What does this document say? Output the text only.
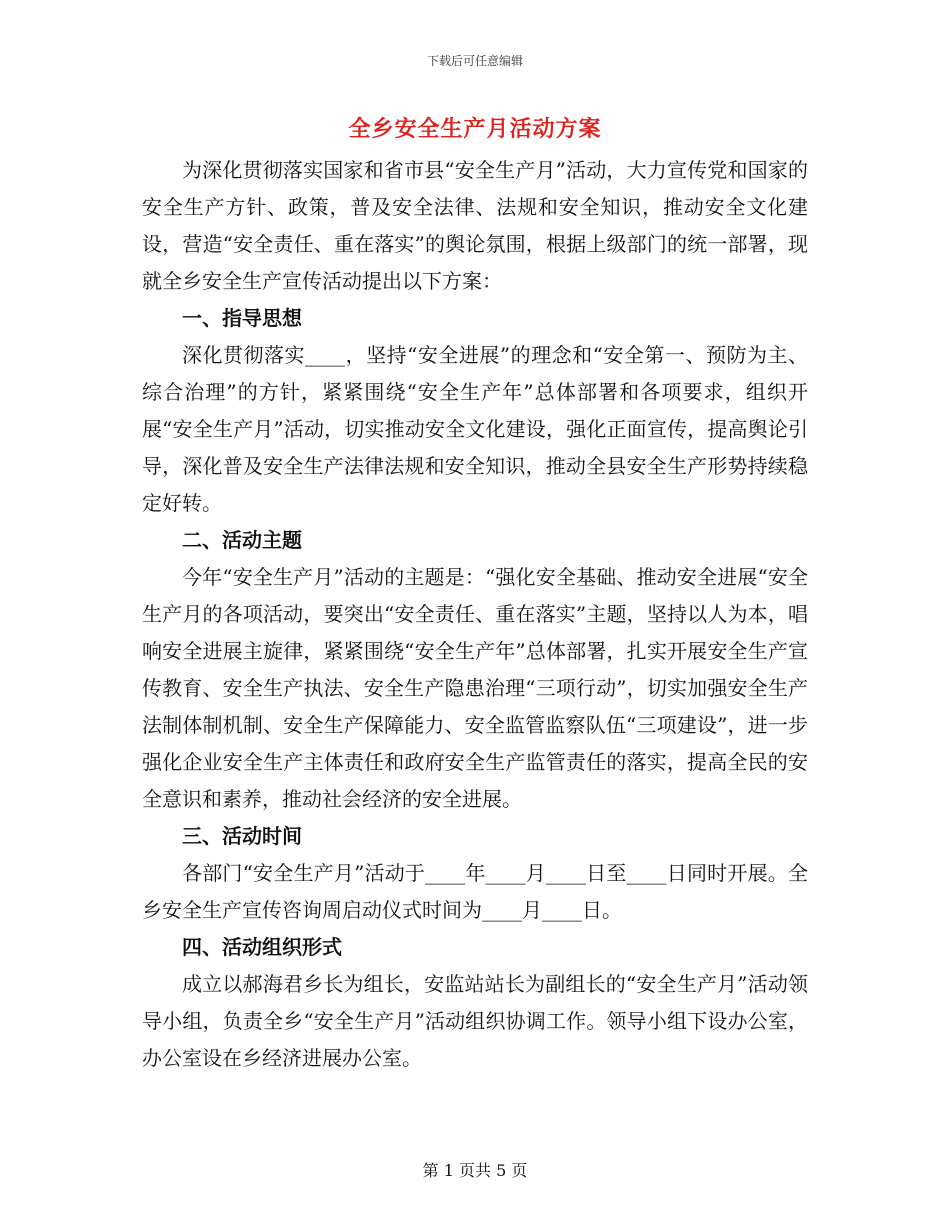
下载后可任意编辑
全乡安全生产月活动方案

为深化贯彻落实国家和省市县“安全生产月”活动，大力宣传党和国家的安全生产方针、政策，普及安全法律、法规和安全知识，推动安全文化建设，营造“安全责任、重在落实”的舆论氛围，根据上级部门的统一部署，现就全乡安全生产宣传活动提出以下方案：

一、指导思想

深化贯彻落实____，坚持“安全进展”的理念和“安全第一、预防为主、综合治理”的方针，紧紧围绕“安全生产年”总体部署和各项要求，组织开展“安全生产月”活动，切实推动安全文化建设，强化正面宣传，提高舆论引导，深化普及安全生产法律法规和安全知识，推动全县安全生产形势持续稳定好转。

二、活动主题

今年“安全生产月”活动的主题是：“强化安全基础、推动安全进展“安全生产月的各项活动，要突出“安全责任、重在落实”主题，坚持以人为本，唱响安全进展主旋律，紧紧围绕“安全生产年”总体部署，扎实开展安全生产宣传教育、安全生产执法、安全生产隐患治理“三项行动”，切实加强安全生产法制体制机制、安全生产保障能力、安全监管监察队伍“三项建设”，进一步强化企业安全生产主体责任和政府安全生产监管责任的落实，提高全民的安全意识和素养，推动社会经济的安全进展。

三、活动时间

各部门“安全生产月”活动于____年____月____日至____日同时开展。全乡安全生产宣传咨询周启动仪式时间为____月____日。

四、活动组织形式

成立以郝海君乡长为组长，安监站站长为副组长的“安全生产月”活动领导小组，负责全乡“安全生产月”活动组织协调工作。领导小组下设办公室，办公室设在乡经济进展办公室。

第 1 页共 5 页
